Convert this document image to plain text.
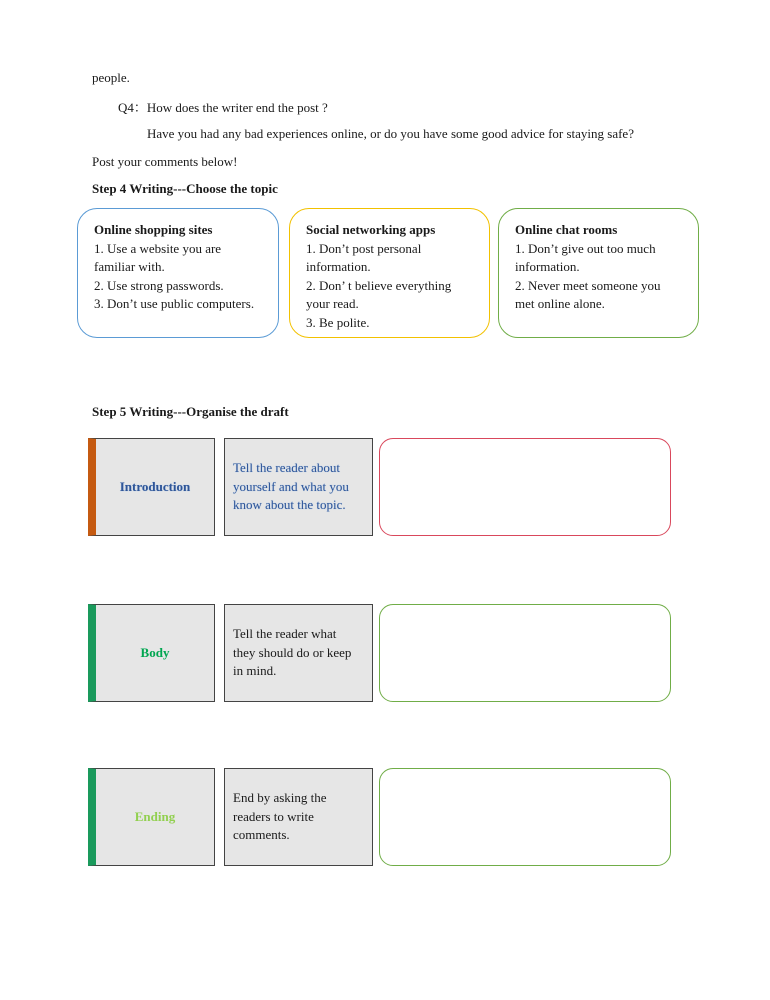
people.
Q4：How does the writer end the post ?
Have you had any bad experiences online, or do you have some good advice for staying safe?
Post your comments below!
Step 4 Writing---Choose the topic
Online shopping sites
1. Use a website you are
familiar with.
2. Use strong passwords.
3. Don’t use public computers.
Social networking apps
1. Don’t post personal
information.
2. Don’ t believe everything
your read.
3. Be polite.
Online chat rooms
1. Don’t give out too much
information.
2. Never meet someone you
met online alone.
Step 5 Writing---Organise the draft
Introduction
Tell the reader about
yourself and what you
know about the topic.
Body
Tell the reader what
they should do or keep
in mind.
Ending
End by asking the
readers to write
comments.
